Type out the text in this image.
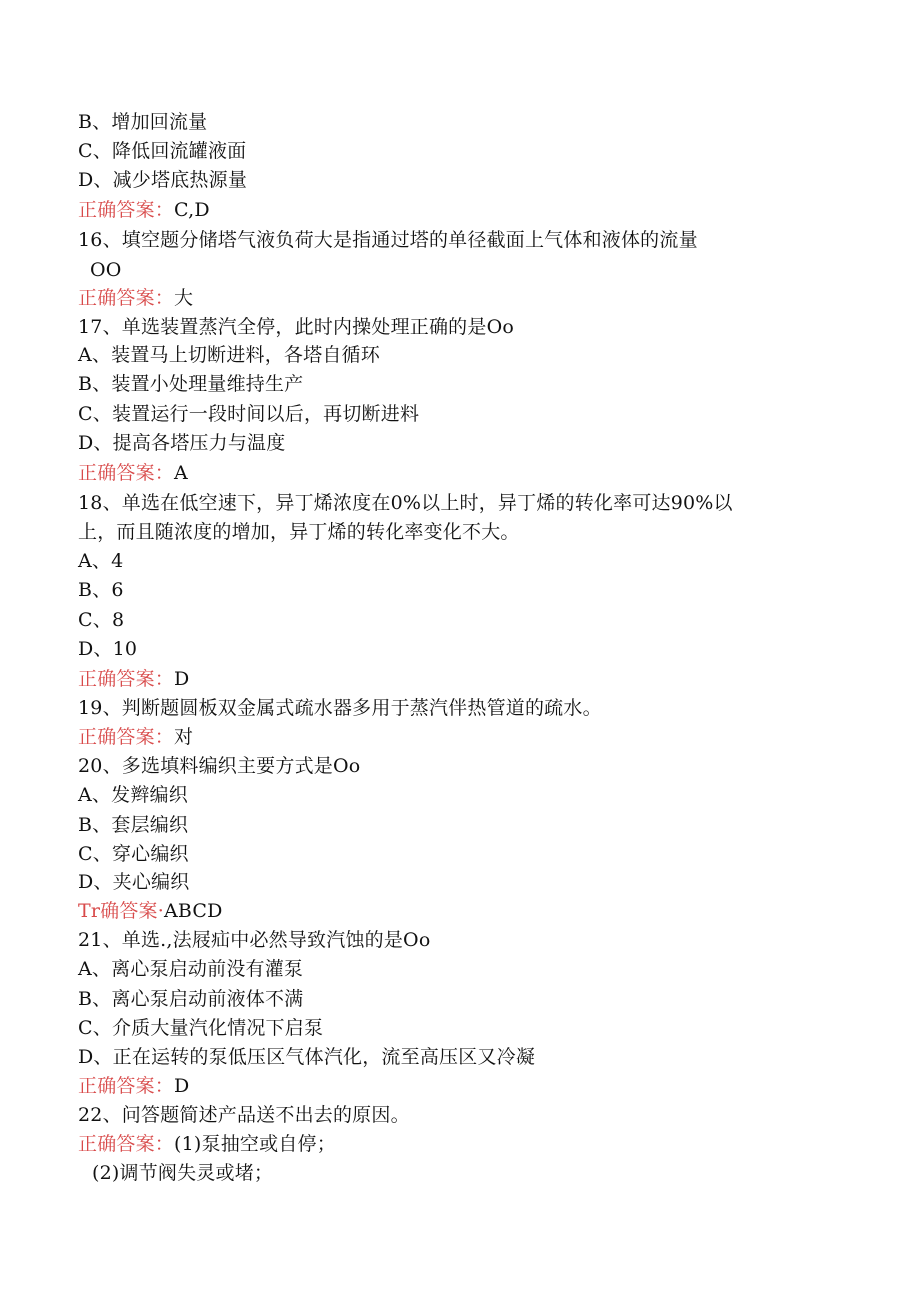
B、增加回流量
C、降低回流罐液面
D、减少塔底热源量
正确答案：C,D
16、填空题分储塔气液负荷大是指通过塔的单径截面上气体和液体的流量
OO
正确答案：大
17、单选装置蒸汽全停，此时内操处理正确的是Oo
A、装置马上切断进料，各塔自循环
B、装置小处理量维持生产
C、装置运行一段时间以后，再切断进料
D、提高各塔压力与温度
正确答案：A
18、单选在低空速下，异丁烯浓度在0%以上时，异丁烯的转化率可达90%以
上，而且随浓度的增加，异丁烯的转化率变化不大。
A、4
B、6
C、8
D、10
正确答案：D
19、判断题圆板双金属式疏水器多用于蒸汽伴热管道的疏水。
正确答案：对
20、多选填料编织主要方式是Oo
A、发辫编织
B、套层编织
C、穿心编织
D、夹心编织
Tr确答案·ABCD
21、单选.,法屐疝中必然导致汽蚀的是Oo
A、离心泵启动前没有灌泵
B、离心泵启动前液体不满
C、介质大量汽化情况下启泵
D、正在运转的泵低压区气体汽化，流至高压区又冷凝
正确答案：D
22、问答题简述产品送不出去的原因。
正确答案：(1)泵抽空或自停；
(2)调节阀失灵或堵；
